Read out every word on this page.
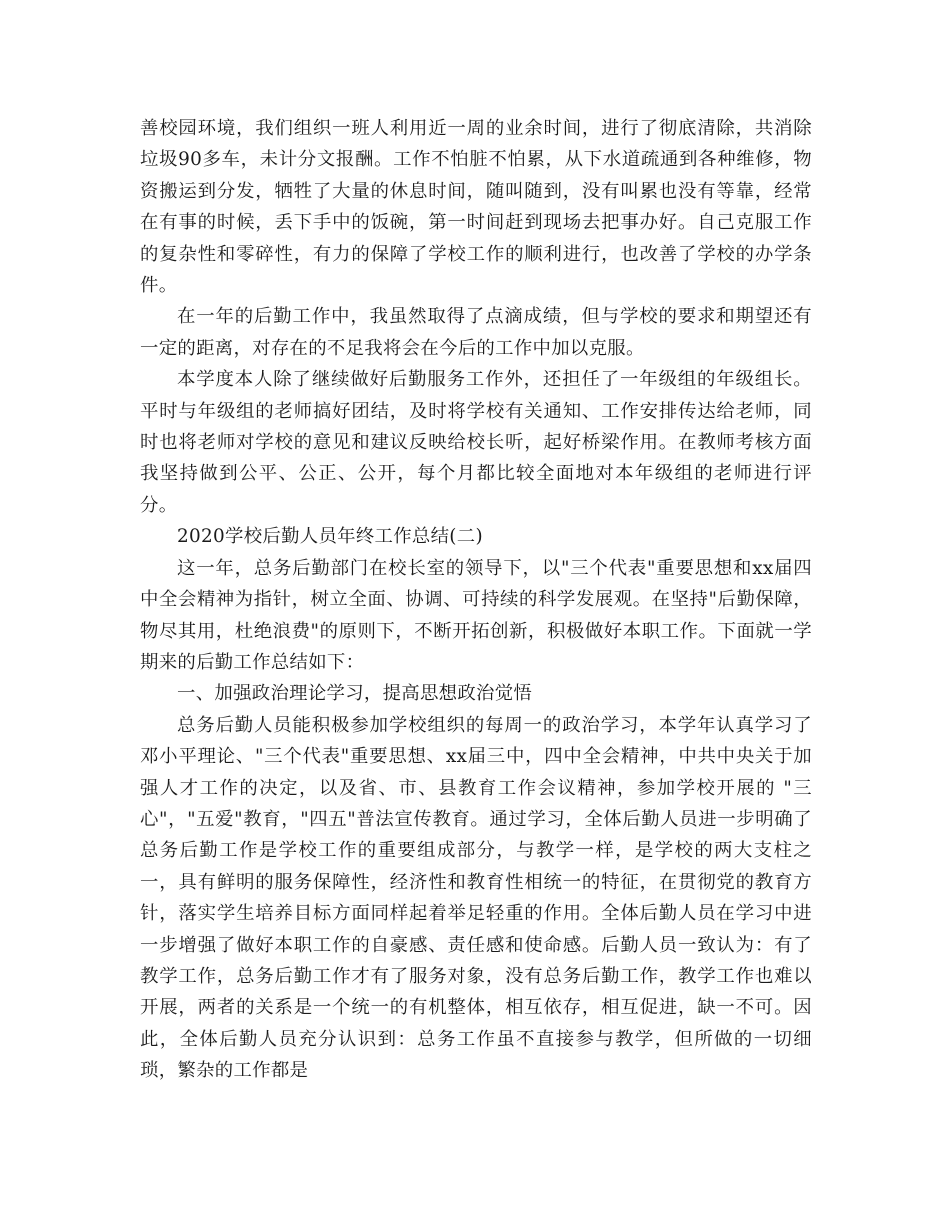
善校园环境，我们组织一班人利用近一周的业余时间，进行了彻底清除，共消除垃圾90多车，未计分文报酬。工作不怕脏不怕累，从下水道疏通到各种维修，物资搬运到分发，牺牲了大量的休息时间，随叫随到，没有叫累也没有等靠，经常在有事的时候，丢下手中的饭碗，第一时间赶到现场去把事办好。自己克服工作的复杂性和零碎性，有力的保障了学校工作的顺利进行，也改善了学校的办学条件。

在一年的后勤工作中，我虽然取得了点滴成绩，但与学校的要求和期望还有一定的距离，对存在的不足我将会在今后的工作中加以克服。

本学度本人除了继续做好后勤服务工作外，还担任了一年级组的年级组长。平时与年级组的老师搞好团结，及时将学校有关通知、工作安排传达给老师，同时也将老师对学校的意见和建议反映给校长听，起好桥梁作用。在教师考核方面我坚持做到公平、公正、公开，每个月都比较全面地对本年级组的老师进行评分。

2020学校后勤人员年终工作总结(二)

这一年，总务后勤部门在校长室的领导下，以"三个代表"重要思想和xx届四中全会精神为指针，树立全面、协调、可持续的科学发展观。在坚持"后勤保障，物尽其用，杜绝浪费"的原则下，不断开拓创新，积极做好本职工作。下面就一学期来的后勤工作总结如下：

一、加强政治理论学习，提高思想政治觉悟

总务后勤人员能积极参加学校组织的每周一的政治学习，本学年认真学习了邓小平理论、"三个代表"重要思想、xx届三中，四中全会精神，中共中央关于加强人才工作的决定，以及省、市、县教育工作会议精神，参加学校开展的 "三心"，"五爱"教育，"四五"普法宣传教育。通过学习，全体后勤人员进一步明确了总务后勤工作是学校工作的重要组成部分，与教学一样，是学校的两大支柱之一，具有鲜明的服务保障性，经济性和教育性相统一的特征，在贯彻党的教育方针，落实学生培养目标方面同样起着举足轻重的作用。全体后勤人员在学习中进一步增强了做好本职工作的自豪感、责任感和使命感。后勤人员一致认为：有了教学工作，总务后勤工作才有了服务对象，没有总务后勤工作，教学工作也难以开展，两者的关系是一个统一的有机整体，相互依存，相互促进，缺一不可。因此，全体后勤人员充分认识到：总务工作虽不直接参与教学，但所做的一切细琐，繁杂的工作都是
